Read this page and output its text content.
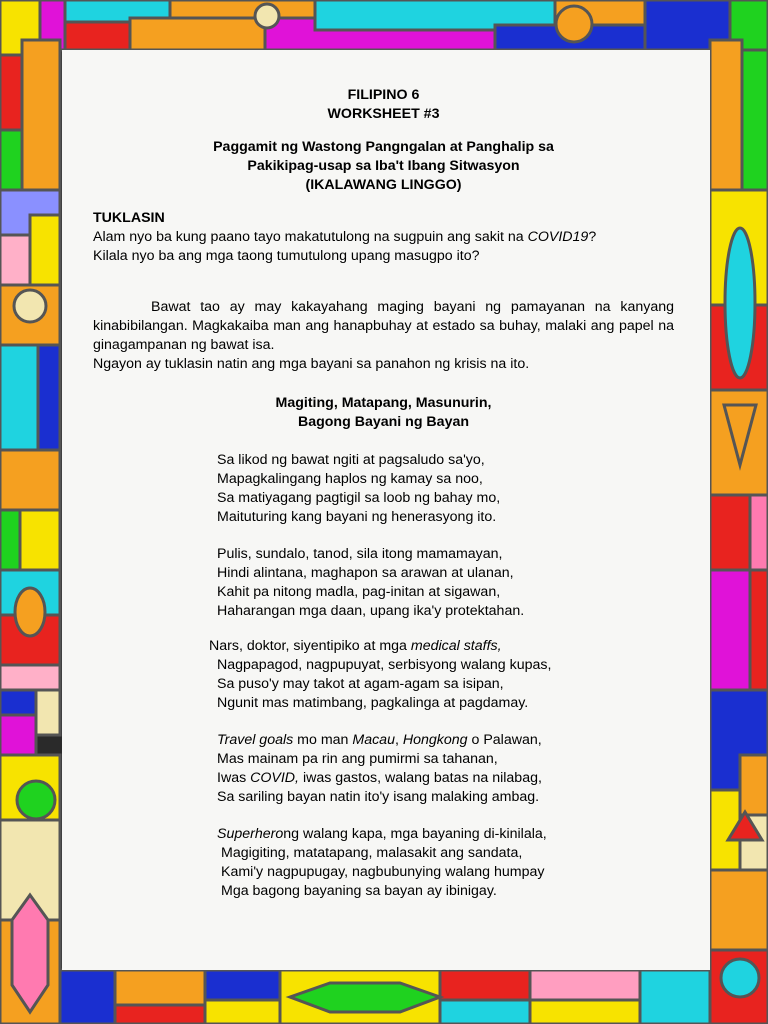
FILIPINO 6

WORKSHEET #3

Paggamit ng Wastong Pangngalan at Panghalip sa

Pakikipag-usap sa Iba't Ibang Sitwasyon

(IKALAWANG LINGGO)

TUKLASIN

Alam nyo ba kung paano tayo makatutulong na sugpuin ang sakit na COVID19?

Kilala nyo ba ang mga taong tumutulong upang masugpo ito?

Bawat tao ay may kakayahang maging bayani ng pamayanan na kanyang kinabibilangan. Magkakaiba man ang hanapbuhay at estado sa buhay, malaki ang papel na ginagampanan ng bawat isa.

Ngayon ay tuklasin natin ang mga bayani sa panahon ng krisis na ito.

Magiting, Matapang, Masunurin,

Bagong Bayani ng Bayan

Sa likod ng bawat ngiti at pagsaludo sa'yo,

Mapagkalingang haplos ng kamay sa noo,

Sa matiyagang pagtigil sa loob ng bahay mo,

Maituturing kang bayani ng henerasyong ito.

Pulis, sundalo, tanod, sila itong mamamayan,

Hindi alintana, maghapon sa arawan at ulanan,

Kahit pa nitong madla, pag-initan at sigawan,

Haharangan mga daan, upang ika'y protektahan.

Nars, doktor, siyentipiko at mga medical staffs,

Nagpapagod, nagpupuyat, serbisyong walang kupas,

Sa puso'y may takot at agam-agam sa isipan,

Ngunit mas matimbang, pagkalinga at pagdamay.

Travel goals mo man Macau, Hongkong o Palawan,

Mas mainam pa rin ang pumirmi sa tahanan,

Iwas COVID, iwas gastos, walang batas na nilabag,

Sa sariling bayan natin ito'y isang malaking ambag.

Superherong walang kapa, mga bayaning di-kinilala,

Magigiting, matatapang, malasakit ang sandata,

Kami'y nagpupugay, nagbubunying walang humpay

Mga bagong bayaning sa bayan ay ibinigay.
